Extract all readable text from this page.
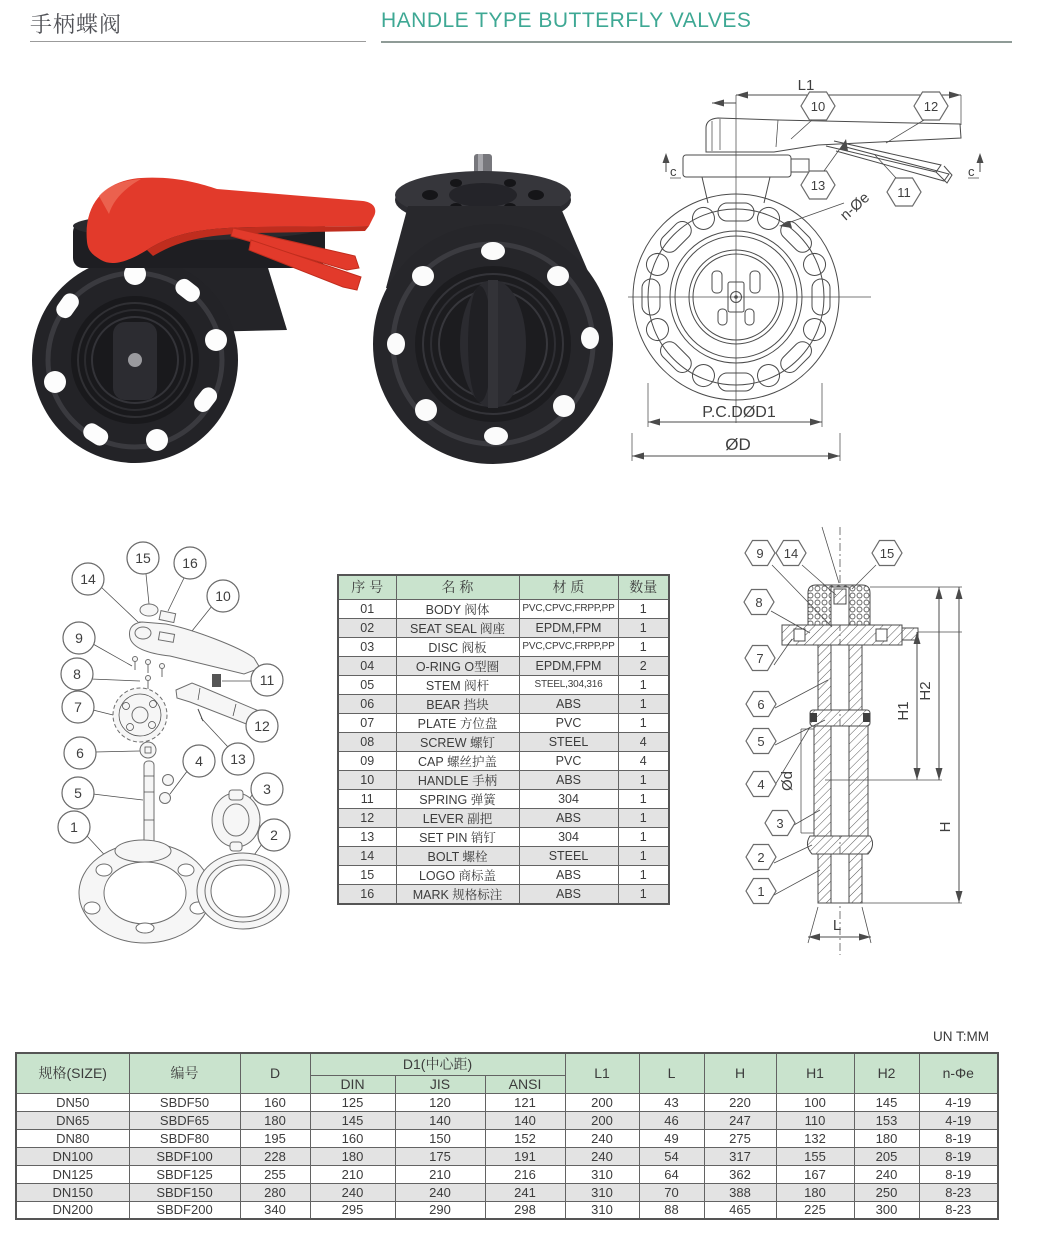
手柄蝶阀	HANDLE TYPE BUTTERFLY VALVES
L1
c	c
10	12
13	11
n-Øe
P.C.DØD1
ØD
15 16
14
10
9
8
7
11
12
6	13
4
5	3
1	2
Ød
H1
H2
H
L
9 14	15
8
7
6
5
4
3
2
1
序 号	名 称	材 质	数量
01	BODY 阀体	PVC,CPVC,FRPP,PP	1
02	SEAT SEAL 阀座	EPDM,FPM	1
03	DISC 阀板	PVC,CPVC,FRPP,PP	1
04	O-RING O型圈	EPDM,FPM	2
05	STEM 阀杆	STEEL,304,316	1
06	BEAR 挡块	ABS	1
07	PLATE 方位盘	PVC	1
08	SCREW 螺钉	STEEL	4
09	CAP 螺丝护盖	PVC	4
10	HANDLE 手柄	ABS	1
11	SPRING 弹簧	304	1
12	LEVER 副把	ABS	1
13	SET PIN 销钉	304	1
14	BOLT 螺栓	STEEL	1
15	LOGO 商标盖	ABS	1
16	MARK 规格标注	ABS	1
UN T:MM
规格(SIZE)	编号	D	D1(中心距)			L1	L	H	H1	H2	n-Φe
			DIN	JIS	ANSI						
DN50	SBDF50	160	125	120	121	200	43	220	100	145	4-19
DN65	SBDF65	180	145	140	140	200	46	247	110	153	4-19
DN80	SBDF80	195	160	150	152	240	49	275	132	180	8-19
DN100	SBDF100	228	180	175	191	240	54	317	155	205	8-19
DN125	SBDF125	255	210	210	216	310	64	362	167	240	8-19
DN150	SBDF150	280	240	240	241	310	70	388	180	250	8-23
DN200	SBDF200	340	295	290	298	310	88	465	225	300	8-23
